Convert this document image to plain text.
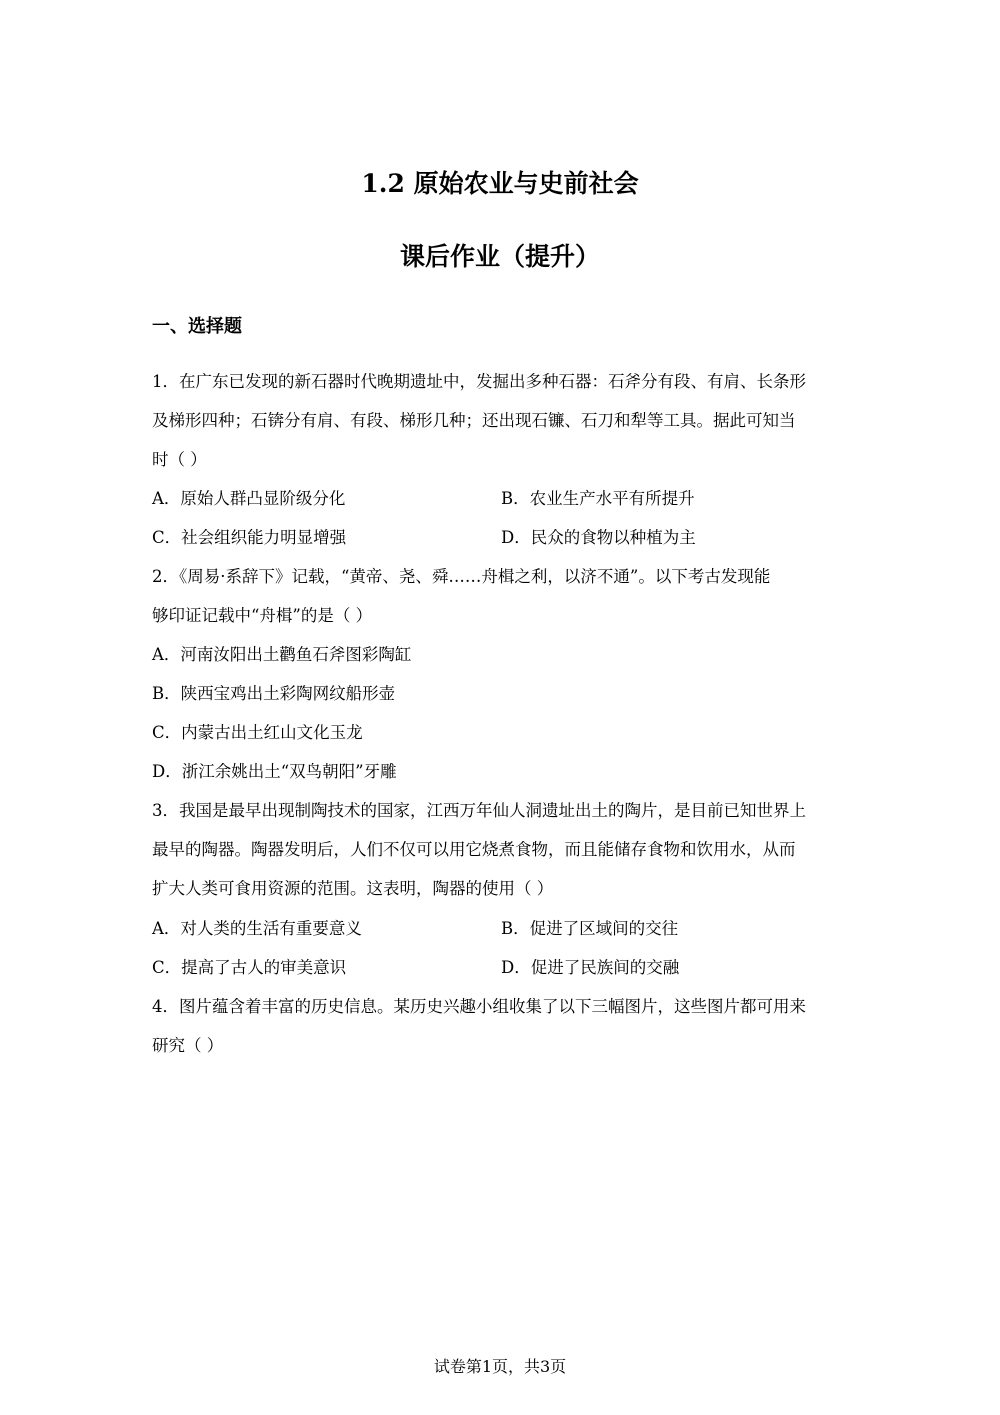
1.2 原始农业与史前社会
课后作业（提升）
一、选择题
1．在广东已发现的新石器时代晚期遗址中，发掘出多种石器：石斧分有段、有肩、长条形
及梯形四种；石锛分有肩、有段、梯形几种；还出现石镰、石刀和犁等工具。据此可知当
时（ ）
A．原始人群凸显阶级分化	B．农业生产水平有所提升
C．社会组织能力明显增强	D．民众的食物以种植为主
2．《周易·系辞下》记载，“黄帝、尧、舜……舟楫之利，以济不通”。以下考古发现能
够印证记载中“舟楫”的是（ ）
A．河南汝阳出土鹳鱼石斧图彩陶缸
B．陕西宝鸡出土彩陶网纹船形壶
C．内蒙古出土红山文化玉龙
D．浙江余姚出土“双鸟朝阳”牙雕
3．我国是最早出现制陶技术的国家，江西万年仙人洞遗址出土的陶片，是目前已知世界上
最早的陶器。陶器发明后，人们不仅可以用它烧煮食物，而且能储存食物和饮用水，从而
扩大人类可食用资源的范围。这表明，陶器的使用（ ）
A．对人类的生活有重要意义	B．促进了区域间的交往
C．提高了古人的审美意识	D．促进了民族间的交融
4．图片蕴含着丰富的历史信息。某历史兴趣小组收集了以下三幅图片，这些图片都可用来
研究（ ）
试卷第1页，共3页
